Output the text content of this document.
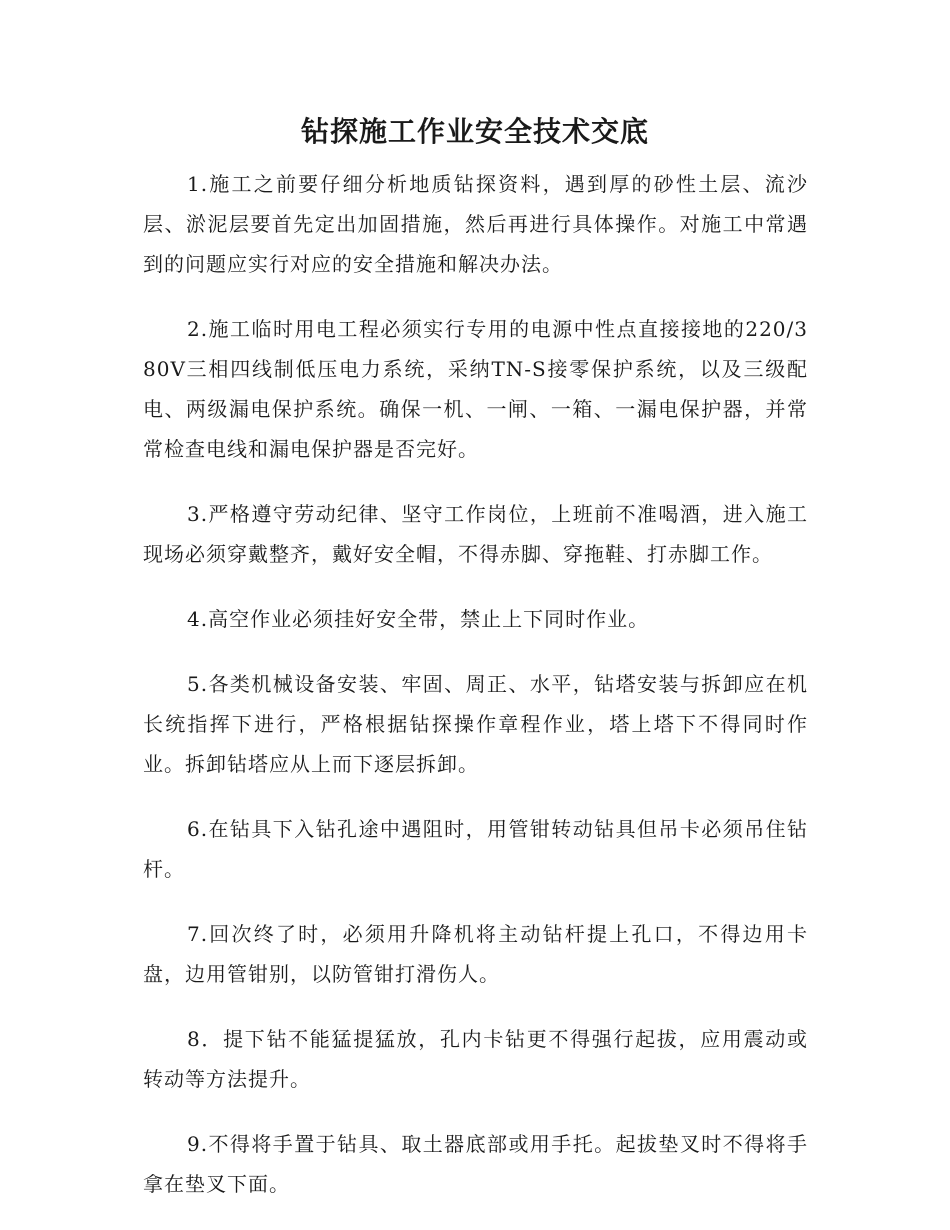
钻探施工作业安全技术交底

1.施工之前要仔细分析地质钻探资料，遇到厚的砂性土层、流沙层、淤泥层要首先定出加固措施，然后再进行具体操作。对施工中常遇到的问题应实行对应的安全措施和解决办法。

2.施工临时用电工程必须实行专用的电源中性点直接接地的220/380V三相四线制低压电力系统，采纳TN-S接零保护系统，以及三级配电、两级漏电保护系统。确保一机、一闸、一箱、一漏电保护器，并常常检查电线和漏电保护器是否完好。

3.严格遵守劳动纪律、坚守工作岗位，上班前不准喝酒，进入施工现场必须穿戴整齐，戴好安全帽，不得赤脚、穿拖鞋、打赤脚工作。

4.高空作业必须挂好安全带，禁止上下同时作业。

5.各类机械设备安装、牢固、周正、水平，钻塔安装与拆卸应在机长统指挥下进行，严格根据钻探操作章程作业，塔上塔下不得同时作业。拆卸钻塔应从上而下逐层拆卸。

6.在钻具下入钻孔途中遇阻时，用管钳转动钻具但吊卡必须吊住钻杆。

7.回次终了时，必须用升降机将主动钻杆提上孔口，不得边用卡盘，边用管钳别，以防管钳打滑伤人。

8．提下钻不能猛提猛放，孔内卡钻更不得强行起拔，应用震动或转动等方法提升。

9.不得将手置于钻具、取土器底部或用手托。起拔垫叉时不得将手拿在垫叉下面。
